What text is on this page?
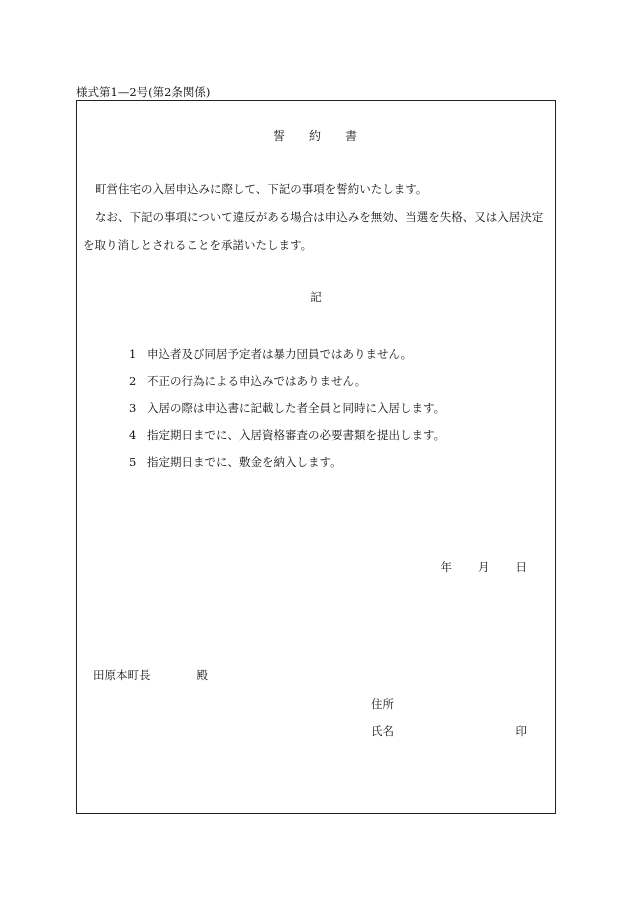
様式第1—2号(第2条関係)
誓 約 書
町営住宅の入居申込みに際して、下記の事項を誓約いたします。
なお、下記の事項について違反がある場合は申込みを無効、当選を失格、又は入居決定を取り消しとされることを承諾いたします。
記
1 申込者及び同居予定者は暴力団員ではありません。
2 不正の行為による申込みではありません。
3 入居の際は申込書に記載した者全員と同時に入居します。
4 指定期日までに、入居資格審査の必要書類を提出します。
5 指定期日までに、敷金を納入します。
年 月 日
田原本町長	殿
住所
氏名	印
